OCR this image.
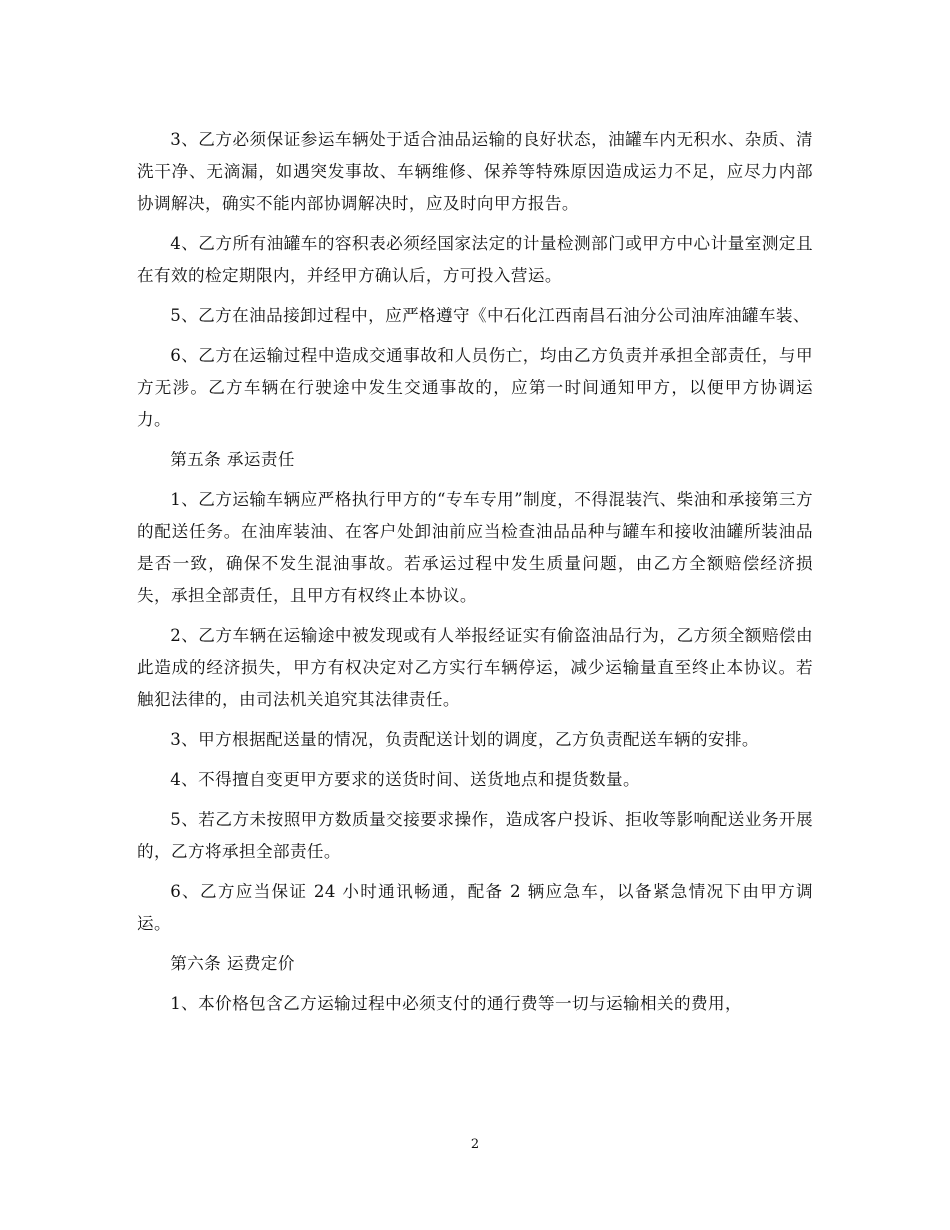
3、乙方必须保证参运车辆处于适合油品运输的良好状态，油罐车内无积水、杂质、清洗干净、无滴漏，如遇突发事故、车辆维修、保养等特殊原因造成运力不足，应尽力内部协调解决，确实不能内部协调解决时，应及时向甲方报告。

4、乙方所有油罐车的容积表必须经国家法定的计量检测部门或甲方中心计量室测定且在有效的检定期限内，并经甲方确认后，方可投入营运。

5、乙方在油品接卸过程中，应严格遵守《中石化江西南昌石油分公司油库油罐车装、

6、乙方在运输过程中造成交通事故和人员伤亡，均由乙方负责并承担全部责任，与甲方无涉。乙方车辆在行驶途中发生交通事故的，应第一时间通知甲方，以便甲方协调运力。

第五条 承运责任

1、乙方运输车辆应严格执行甲方的“专车专用”制度，不得混装汽、柴油和承接第三方的配送任务。在油库装油、在客户处卸油前应当检查油品品种与罐车和接收油罐所装油品是否一致，确保不发生混油事故。若承运过程中发生质量问题，由乙方全额赔偿经济损失，承担全部责任，且甲方有权终止本协议。

2、乙方车辆在运输途中被发现或有人举报经证实有偷盗油品行为，乙方须全额赔偿由此造成的经济损失，甲方有权决定对乙方实行车辆停运，减少运输量直至终止本协议。若触犯法律的，由司法机关追究其法律责任。

3、甲方根据配送量的情况，负责配送计划的调度，乙方负责配送车辆的安排。

4、不得擅自变更甲方要求的送货时间、送货地点和提货数量。

5、若乙方未按照甲方数质量交接要求操作，造成客户投诉、拒收等影响配送业务开展的，乙方将承担全部责任。

6、乙方应当保证 24 小时通讯畅通，配备 2 辆应急车，以备紧急情况下由甲方调运。

第六条 运费定价

1、本价格包含乙方运输过程中必须支付的通行费等一切与运输相关的费用，

2
